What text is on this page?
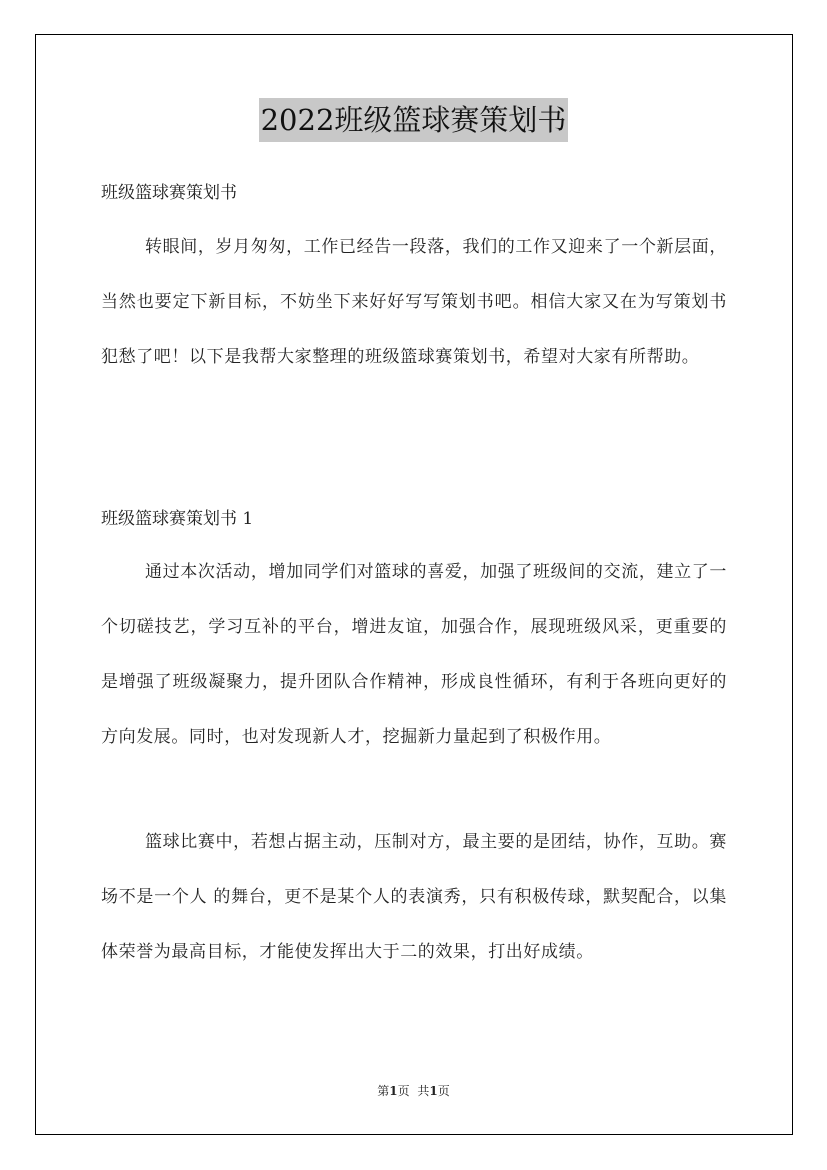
2022班级篮球赛策划书
班级篮球赛策划书

转眼间，岁月匆匆，工作已经告一段落，我们的工作又迎来了一个新层面，当然也要定下新目标，不妨坐下来好好写写策划书吧。相信大家又在为写策划书犯愁了吧！以下是我帮大家整理的班级篮球赛策划书，希望对大家有所帮助。

班级篮球赛策划书 1

通过本次活动，增加同学们对篮球的喜爱，加强了班级间的交流，建立了一个切磋技艺，学习互补的平台，增进友谊，加强合作，展现班级风采，更重要的是增强了班级凝聚力，提升团队合作精神，形成良性循环，有利于各班向更好的方向发展。同时，也对发现新人才，挖掘新力量起到了积极作用。

篮球比赛中，若想占据主动，压制对方，最主要的是团结，协作，互助。赛场不是一个人 的舞台，更不是某个人的表演秀，只有积极传球，默契配合，以集体荣誉为最高目标，才能使发挥出大于二的效果，打出好成绩。

第1页 共1页
